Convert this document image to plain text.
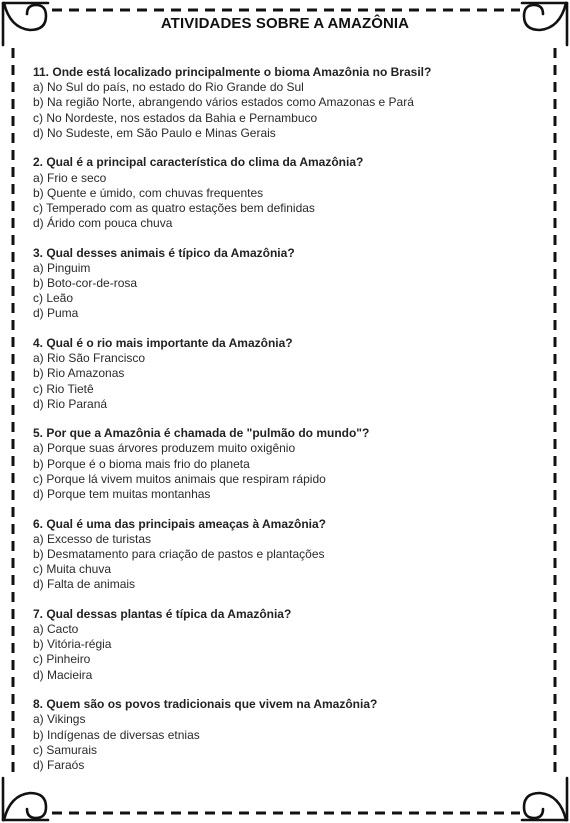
ATIVIDADES SOBRE A AMAZÔNIA
11. Onde está localizado principalmente o bioma Amazônia no Brasil?
a) No Sul do país, no estado do Rio Grande do Sul
b) Na região Norte, abrangendo vários estados como Amazonas e Pará
c) No Nordeste, nos estados da Bahia e Pernambuco
d) No Sudeste, em São Paulo e Minas Gerais
2. Qual é a principal característica do clima da Amazônia?
a) Frio e seco
b) Quente e úmido, com chuvas frequentes
c) Temperado com as quatro estações bem definidas
d) Árido com pouca chuva
3. Qual desses animais é típico da Amazônia?
a) Pinguim
b) Boto-cor-de-rosa
c) Leão
d) Puma
4. Qual é o rio mais importante da Amazônia?
a) Rio São Francisco
b) Rio Amazonas
c) Rio Tietê
d) Rio Paraná
5. Por que a Amazônia é chamada de "pulmão do mundo"?
a) Porque suas árvores produzem muito oxigênio
b) Porque é o bioma mais frio do planeta
c) Porque lá vivem muitos animais que respiram rápido
d) Porque tem muitas montanhas
6. Qual é uma das principais ameaças à Amazônia?
a) Excesso de turistas
b) Desmatamento para criação de pastos e plantações
c) Muita chuva
d) Falta de animais
7. Qual dessas plantas é típica da Amazônia?
a) Cacto
b) Vitória-régia
c) Pinheiro
d) Macieira
8. Quem são os povos tradicionais que vivem na Amazônia?
a) Vikings
b) Indígenas de diversas etnias
c) Samurais
d) Faraós
